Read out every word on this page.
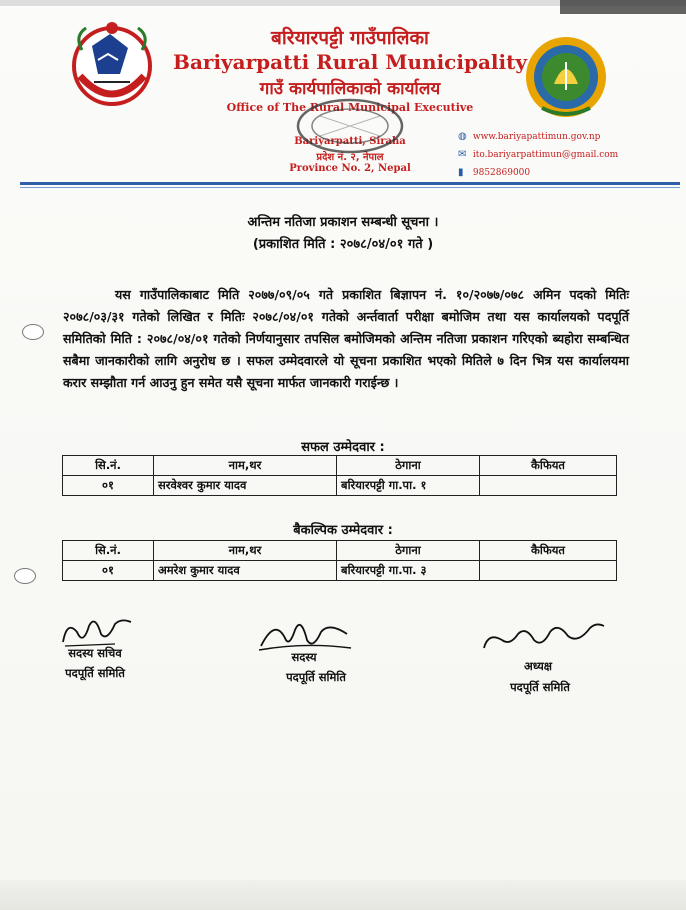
बरियारपट्टी गाउँपालिका
Bariyarpatti Rural Municipality
गाउँ कार्यपालिकाको कार्यालय
Office of The Rural Municipal Executive
Bariyarpatti, Siraha
प्रदेश नं. २, नेपाल
Province No. 2, Nepal
◍ www.bariyapattimun.gov.np
✉ ito.bariyarpattimun@gmail.com
▮ 9852869000
अन्तिम नतिजा प्रकाशन सम्बन्धी सूचना ।
(प्रकाशित मिति : २०७८/०४/०१ गते )
यस गाउँपालिकाबाट मिति २०७७/०९/०५ गते प्रकाशित बिज्ञापन नं. १०/२०७७/०७८ अमिन पदको मितिः २०७८/०३/३१ गतेको लिखित र मितिः २०७८/०४/०१ गतेको अर्न्तवार्ता परीक्षा बमोजिम तथा यस कार्यालयको पदपूर्ति समितिको मिति : २०७८/०४/०१ गतेको निर्णयानुसार तपसिल बमोजिमको अन्तिम नतिजा प्रकाशन गरिएको ब्यहोरा सम्बन्धित सबैमा जानकारीको लागि अनुरोध छ । सफल उम्मेदवारले यो सूचना प्रकाशित भएको मितिले ७ दिन भित्र यस कार्यालयमा करार सम्झौता गर्न आउनु हुन समेत यसै सूचना मार्फत जानकारी गराईन्छ ।
सफल उम्मेदवार :
सि.नं.	नाम,थर	ठेगाना	कैफियत
०१	सरवेश्वर कुमार यादव	बरियारपट्टी गा.पा. १	
बैकल्पिक उम्मेदवार :
सि.नं.	नाम,थर	ठेगाना	कैफियत
०१	अमरेश कुमार यादव	बरियारपट्टी गा.पा. ३	
सदस्य सचिव
पदपूर्ति समिति
सदस्य
पदपूर्ति समिति
अध्यक्ष
पदपूर्ति समिति
